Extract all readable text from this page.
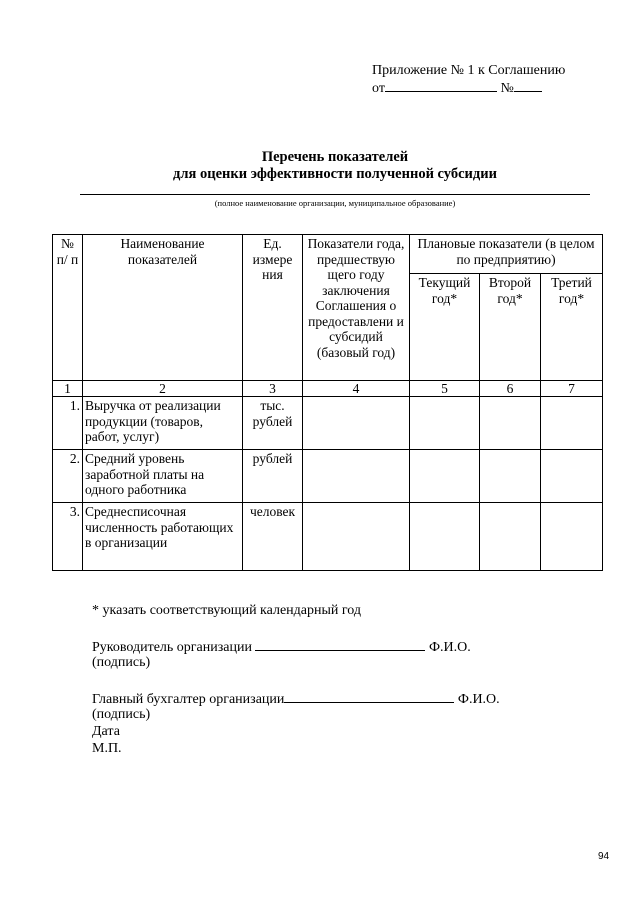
Приложение № 1 к Соглашению
от	№
Перечень показателей
для оценки эффективности полученной субсидии
(полное наименование организации, муниципальное образование)
№ п/ п	Наименование показателей	Ед. измере ния	Показатели года, предшествую щего году заключения Соглашения о предоставлени и субсидий (базовый год)	Плановые показатели (в целом по предприятию)		
				Текущий год*	Второй год*	Третий год*
1	2	3	4	5	6	7
1.	Выручка от реализации продукции (товаров, работ, услуг)	тыс. рублей				
2.	Средний уровень заработной платы на одного работника	рублей				
3.	Среднесписочная численность работающих в организации	человек				
* указать соответствующий календарный год
Руководитель организации	Ф.И.О.
(подпись)
Главный бухгалтер организации	Ф.И.О.
(подпись)
Дата
М.П.
94
